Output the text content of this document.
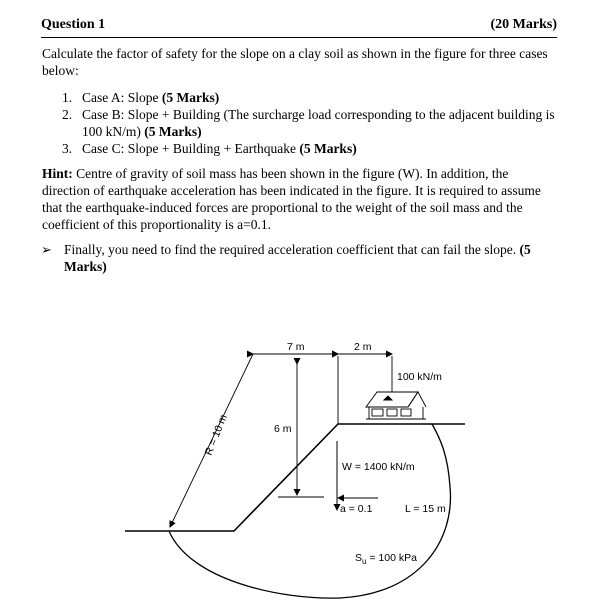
Question 1	(20 Marks)
Calculate the factor of safety for the slope on a clay soil as shown in the figure for three cases below:
1. Case A: Slope (5 Marks)
2. Case B: Slope + Building (The surcharge load corresponding to the adjacent building is 100 kN/m) (5 Marks)
3. Case C: Slope + Building + Earthquake (5 Marks)
Hint: Centre of gravity of soil mass has been shown in the figure (W). In addition, the direction of earthquake acceleration has been indicated in the figure. It is required to assume that the earthquake-induced forces are proportional to the weight of the soil mass and the coefficient of this proportionality is a=0.1.
➢ Finally, you need to find the required acceleration coefficient that can fail the slope. (5 Marks)
R = 10 m
7 m	2 m
6 m
100 kN/m
W = 1400 kN/m
a = 0.1	L = 15 m
$S_u = 100$ kPa
